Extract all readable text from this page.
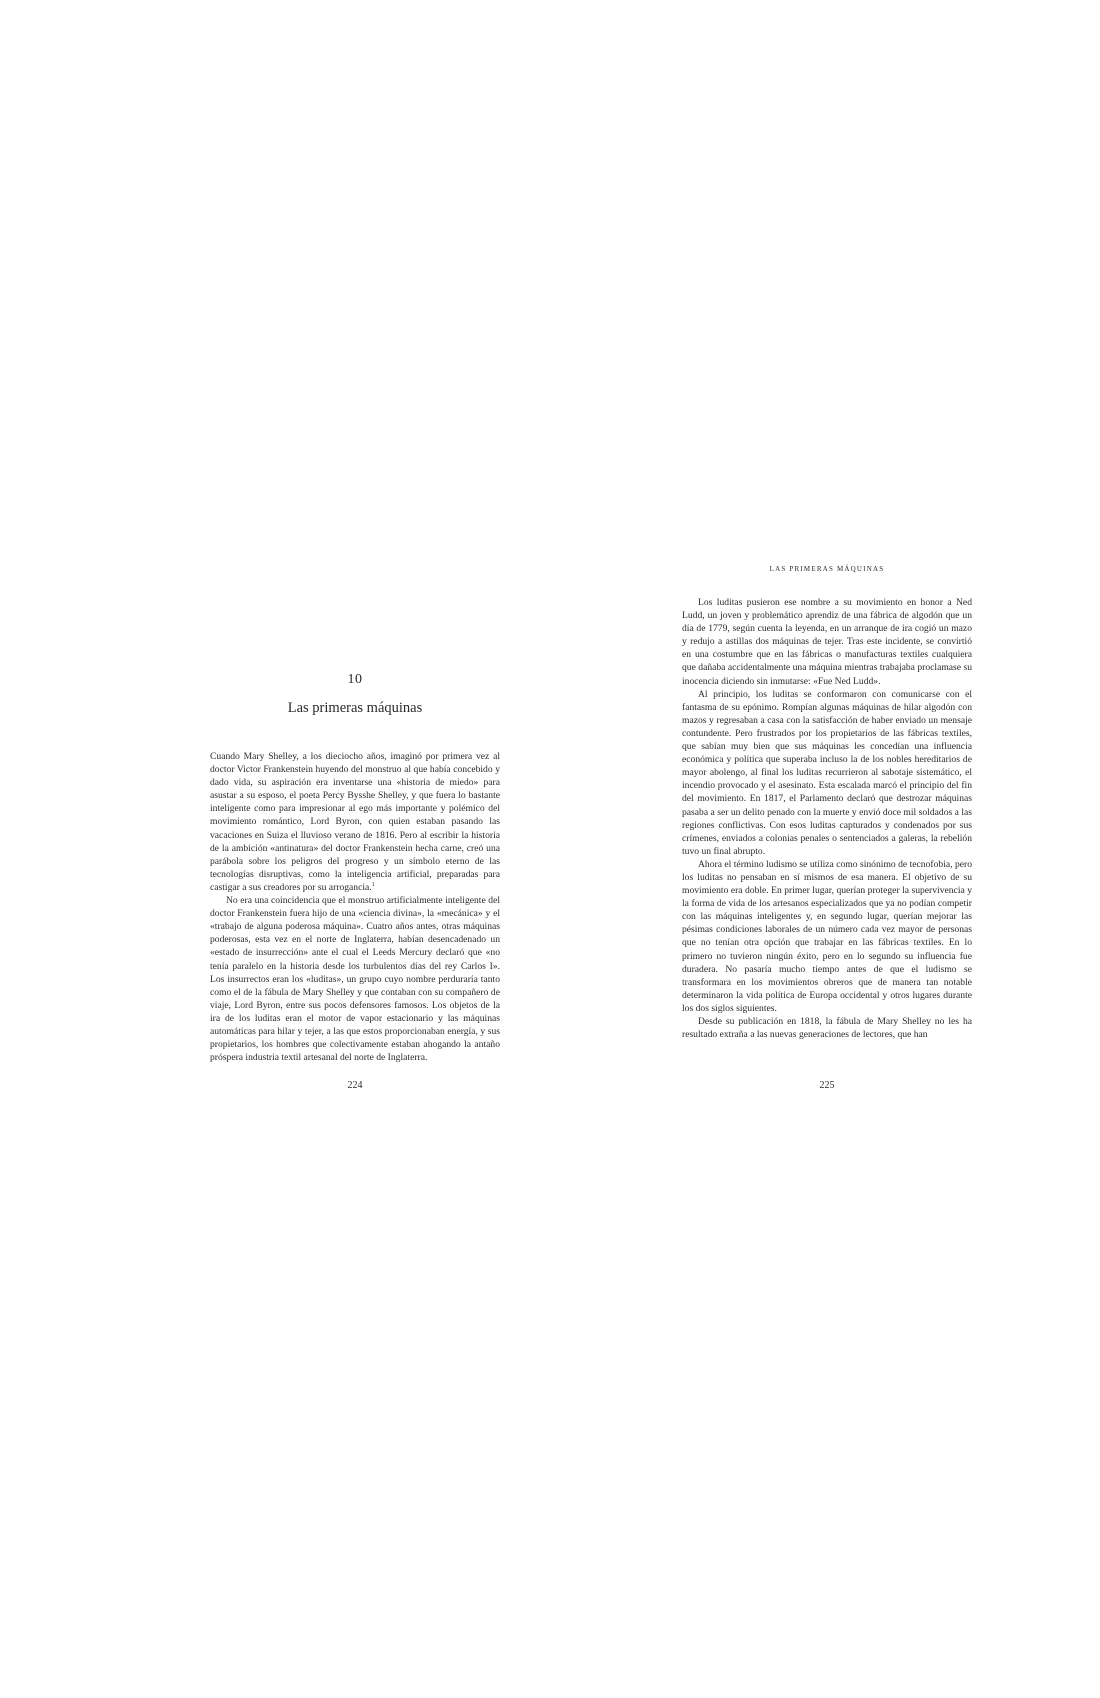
10
Las primeras máquinas

Cuando Mary Shelley, a los dieciocho años, imaginó por primera vez al doctor Victor Frankenstein huyendo del monstruo al que había concebido y dado vida, su aspiración era inventarse una «historia de miedo» para asustar a su esposo, el poeta Percy Bysshe Shelley, y que fuera lo bastante inteligente como para impresionar al ego más importante y polémico del movimiento romántico, Lord Byron, con quien estaban pasando las vacaciones en Suiza el lluvioso verano de 1816. Pero al escribir la historia de la ambición «antinatura» del doctor Frankenstein hecha carne, creó una parábola sobre los peligros del progreso y un símbolo eterno de las tecnologías disruptivas, como la inteligencia artificial, preparadas para castigar a sus creadores por su arrogancia.$^1$

No era una coincidencia que el monstruo artificialmente inteligente del doctor Frankenstein fuera hijo de una «ciencia divina», la «mecánica» y el «trabajo de alguna poderosa máquina». Cuatro años antes, otras máquinas poderosas, esta vez en el norte de Inglaterra, habían desencadenado un «estado de insurrección» ante el cual el Leeds Mercury declaró que «no tenía paralelo en la historia desde los turbulentos días del rey Carlos I». Los insurrectos eran los «luditas», un grupo cuyo nombre perduraría tanto como el de la fábula de Mary Shelley y que contaban con su compañero de viaje, Lord Byron, entre sus pocos defensores famosos. Los objetos de la ira de los luditas eran el motor de vapor estacionario y las máquinas automáticas para hilar y tejer, a las que estos proporcionaban energía, y sus propietarios, los hombres que colectivamente estaban ahogando la antaño próspera industria textil artesanal del norte de Inglaterra.

224
LAS PRIMERAS MÁQUINAS

Los luditas pusieron ese nombre a su movimiento en honor a Ned Ludd, un joven y problemático aprendiz de una fábrica de algodón que un día de 1779, según cuenta la leyenda, en un arranque de ira cogió un mazo y redujo a astillas dos máquinas de tejer. Tras este incidente, se convirtió en una costumbre que en las fábricas o manufacturas textiles cualquiera que dañaba accidentalmente una máquina mientras trabajaba proclamase su inocencia diciendo sin inmutarse: «Fue Ned Ludd».

Al principio, los luditas se conformaron con comunicarse con el fantasma de su epónimo. Rompían algunas máquinas de hilar algodón con mazos y regresaban a casa con la satisfacción de haber enviado un mensaje contundente. Pero frustrados por los propietarios de las fábricas textiles, que sabían muy bien que sus máquinas les concedían una influencia económica y política que superaba incluso la de los nobles hereditarios de mayor abolengo, al final los luditas recurrieron al sabotaje sistemático, el incendio provocado y el asesinato. Esta escalada marcó el principio del fin del movimiento. En 1817, el Parlamento declaró que destrozar máquinas pasaba a ser un delito penado con la muerte y envió doce mil soldados a las regiones conflictivas. Con esos luditas capturados y condenados por sus crímenes, enviados a colonias penales o sentenciados a galeras, la rebelión tuvo un final abrupto.

Ahora el término ludismo se utiliza como sinónimo de tecnofobia, pero los luditas no pensaban en sí mismos de esa manera. El objetivo de su movimiento era doble. En primer lugar, querían proteger la supervivencia y la forma de vida de los artesanos especializados que ya no podían competir con las máquinas inteligentes y, en segundo lugar, querían mejorar las pésimas condiciones laborales de un número cada vez mayor de personas que no tenían otra opción que trabajar en las fábricas textiles. En lo primero no tuvieron ningún éxito, pero en lo segundo su influencia fue duradera. No pasaría mucho tiempo antes de que el ludismo se transformara en los movimientos obreros que de manera tan notable determinaron la vida política de Europa occidental y otros lugares durante los dos siglos siguientes.

Desde su publicación en 1818, la fábula de Mary Shelley no les ha resultado extraña a las nuevas generaciones de lectores, que han

225
